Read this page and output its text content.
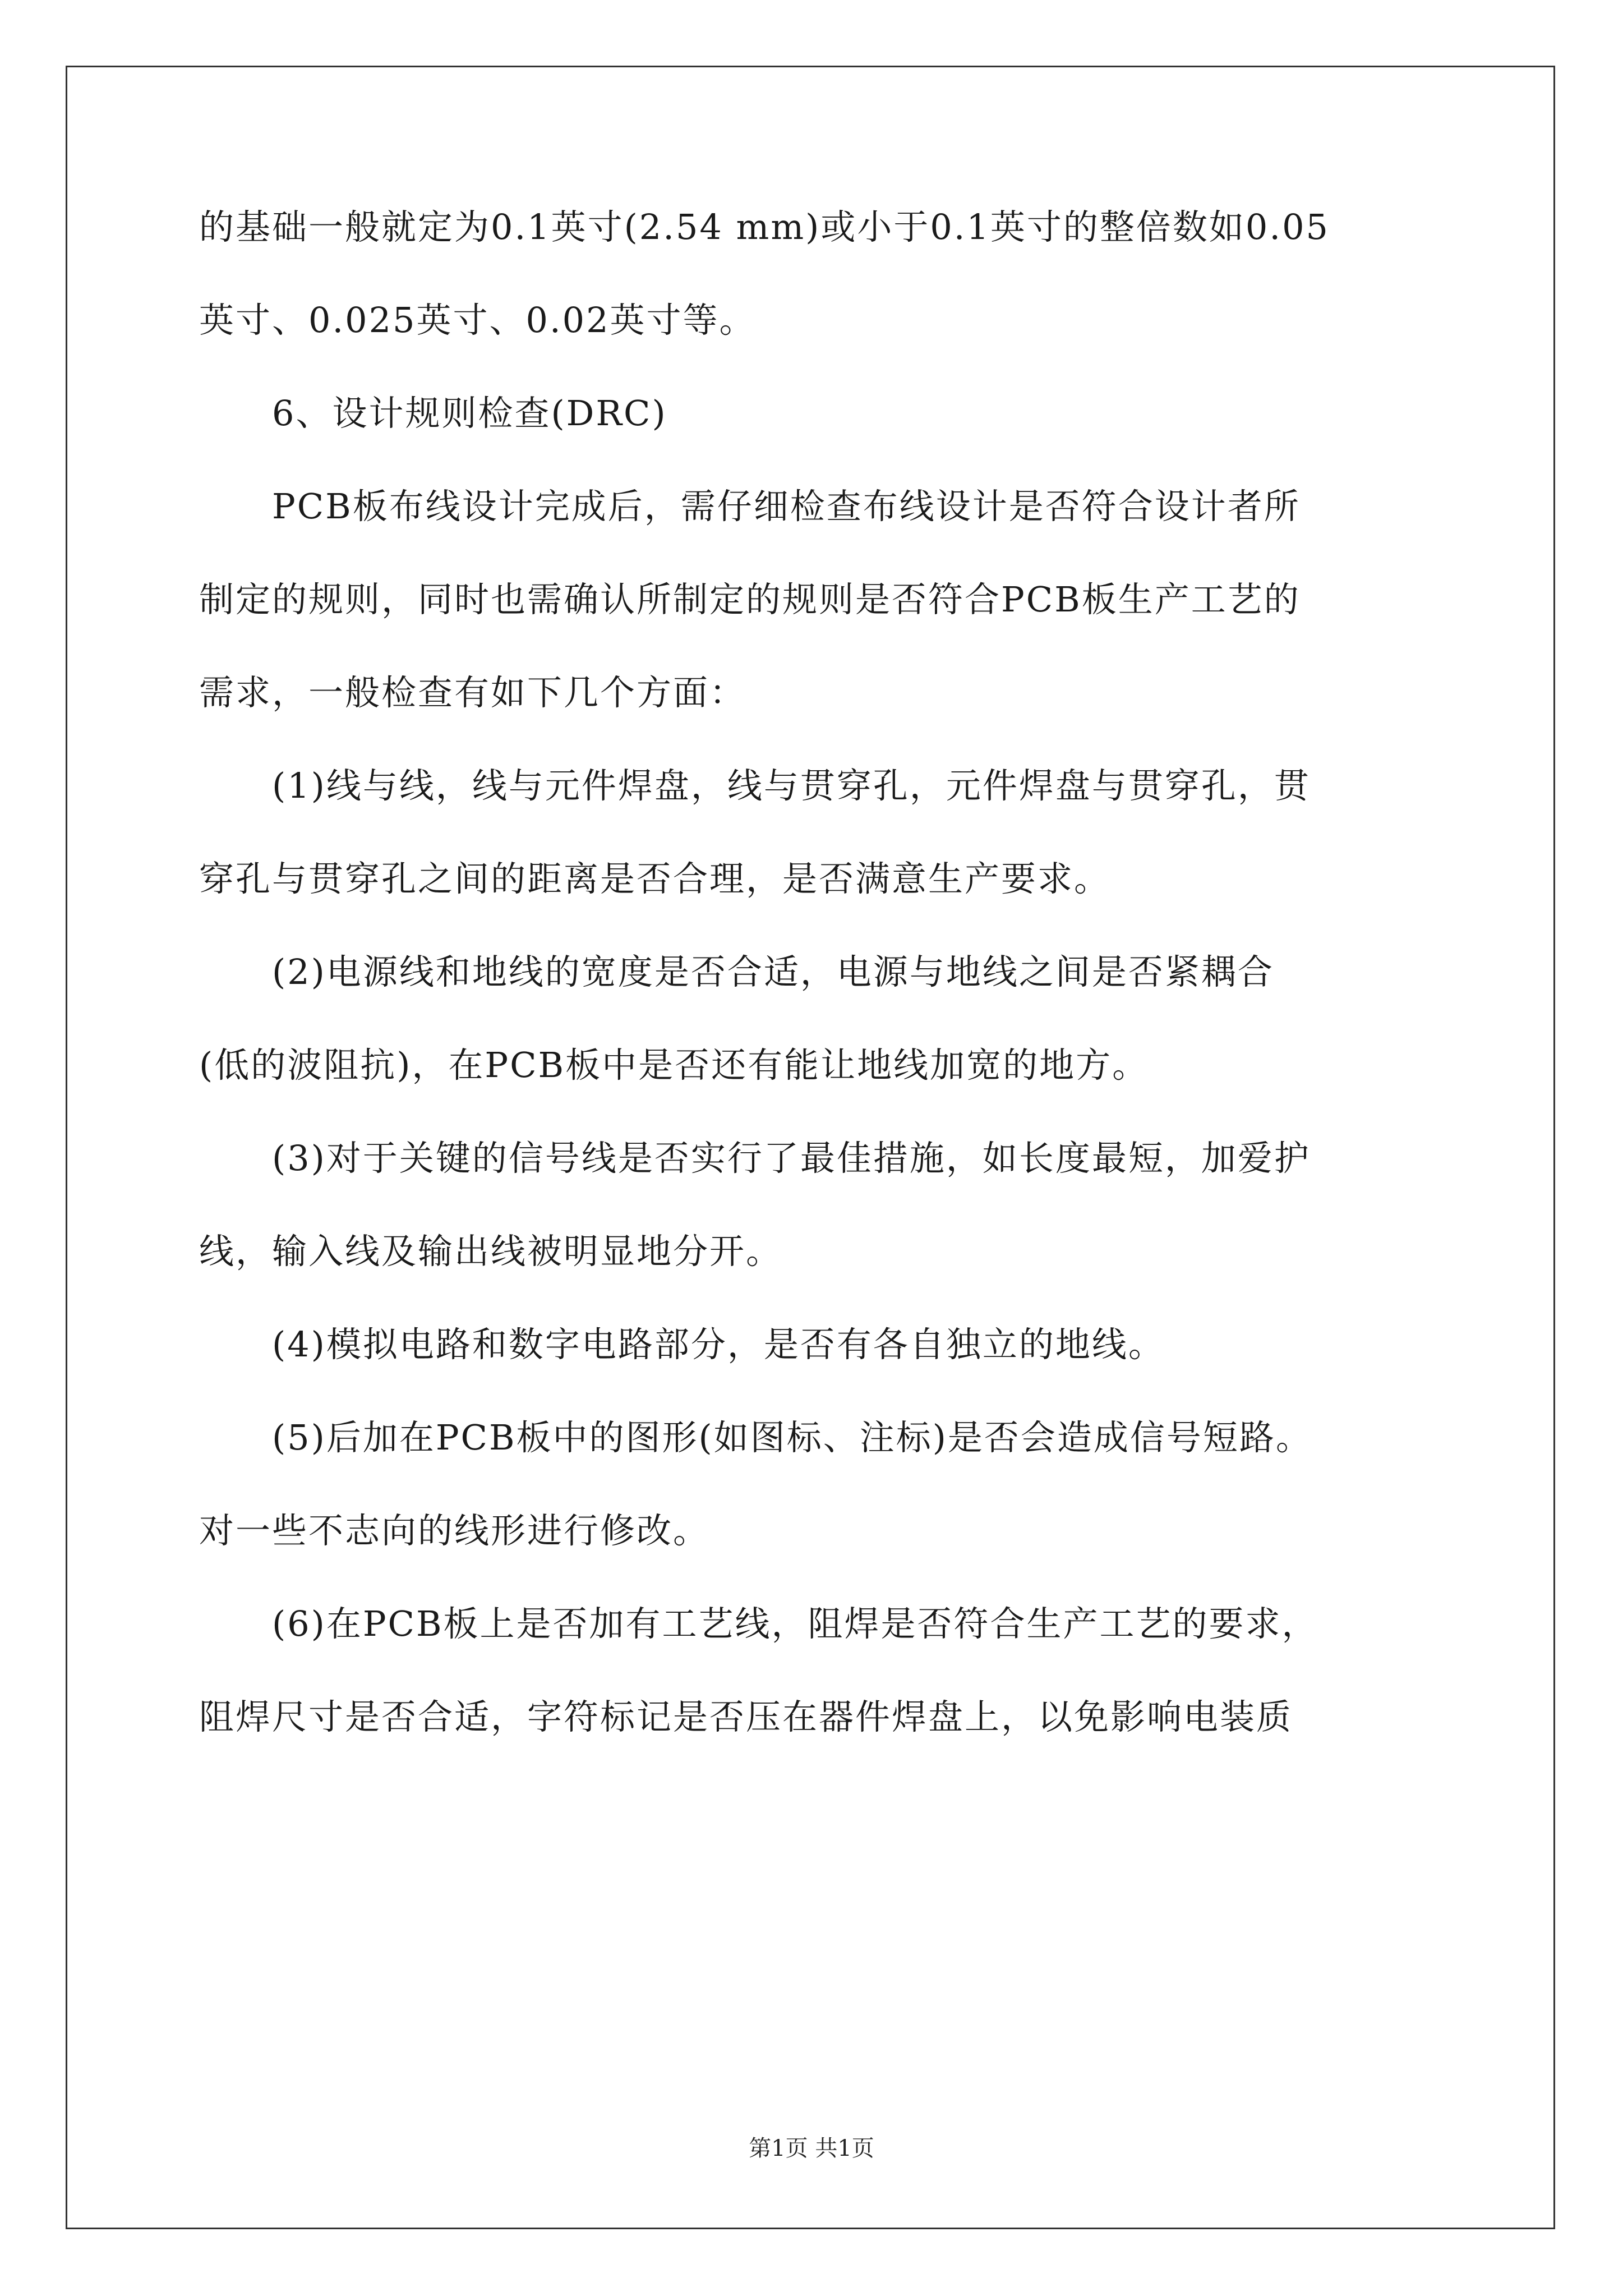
的基础一般就定为0.1英寸(2.54 mm)或小于0.1英寸的整倍数如0.05
英寸、0.025英寸、0.02英寸等。
6、设计规则检查(DRC)
PCB板布线设计完成后，需仔细检查布线设计是否符合设计者所
制定的规则，同时也需确认所制定的规则是否符合PCB板生产工艺的
需求，一般检查有如下几个方面：
(1)线与线，线与元件焊盘，线与贯穿孔，元件焊盘与贯穿孔，贯
穿孔与贯穿孔之间的距离是否合理，是否满意生产要求。
(2)电源线和地线的宽度是否合适，电源与地线之间是否紧耦合
(低的波阻抗)，在PCB板中是否还有能让地线加宽的地方。
(3)对于关键的信号线是否实行了最佳措施，如长度最短，加爱护
线，输入线及输出线被明显地分开。
(4)模拟电路和数字电路部分，是否有各自独立的地线。
(5)后加在PCB板中的图形(如图标、注标)是否会造成信号短路。
对一些不志向的线形进行修改。
(6)在PCB板上是否加有工艺线，阻焊是否符合生产工艺的要求，
阻焊尺寸是否合适，字符标记是否压在器件焊盘上，以免影响电装质
第1页 共1页
